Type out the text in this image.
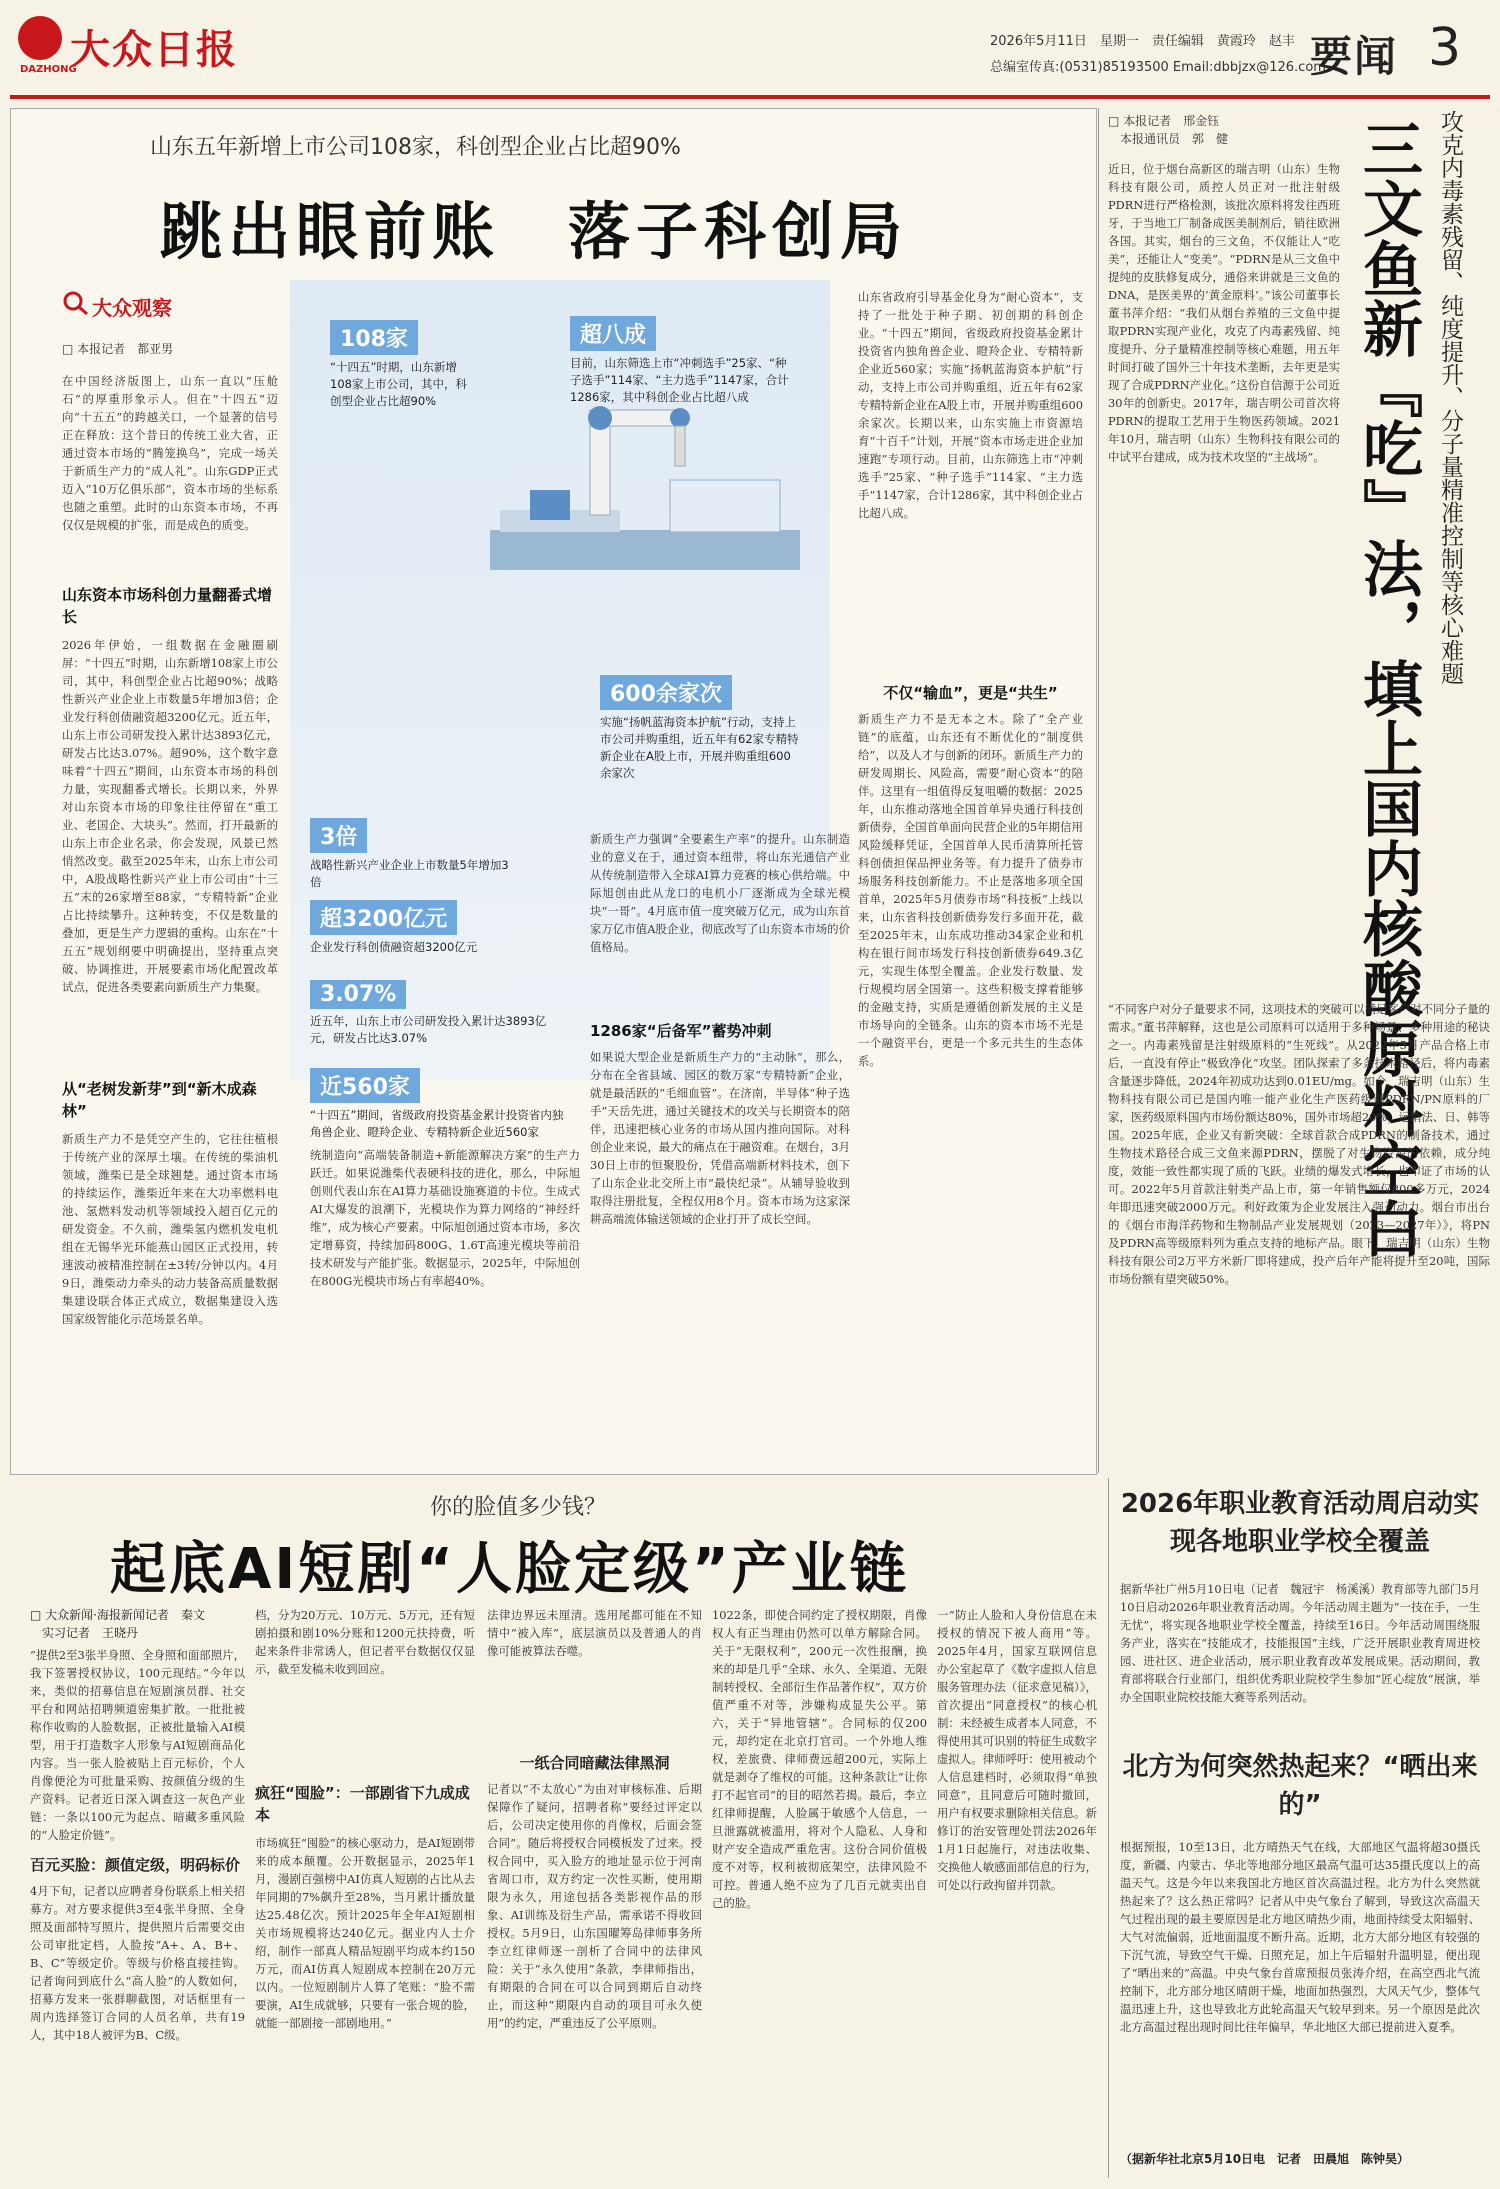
大众日报
DAZHONG
2026年5月11日　星期一　责任编辑　黄霞玲　赵丰
总编室传真:(0531)85193500 Email:dbbjzx@126.com
要闻 3
山东五年新增上市公司108家，科创型企业占比超90%
跳出眼前账　落子科创局
大众观察
□ 本报记者　都亚男
在中国经济版图上，山东一直以“压舱石”的厚重形象示人。但在“十四五”迈向“十五五”的跨越关口，一个显著的信号正在释放：这个昔日的传统工业大省，正通过资本市场的“腾笼换鸟”，完成一场关于新质生产力的“成人礼”。山东GDP正式迈入“10万亿俱乐部”，资本市场的坐标系也随之重塑。此时的山东资本市场，不再仅仅是规模的扩张，而是成色的质变。
山东资本市场科创力量翻番式增长
2026年伊始，一组数据在金融圈刷屏：“十四五”时期，山东新增108家上市公司，其中，科创型企业占比超90%；战略性新兴产业企业上市数量5年增加3倍；企业发行科创债融资超3200亿元。近五年，山东上市公司研发投入累计达3893亿元，研发占比达3.07%。超90%，这个数字意味着“十四五”期间，山东资本市场的科创力量，实现翻番式增长。长期以来，外界对山东资本市场的印象往往停留在“重工业、老国企、大块头”。然而，打开最新的山东上市企业名录，你会发现，风景已然悄然改变。截至2025年末，山东上市公司中，A股战略性新兴产业上市公司由“十三五”末的26家增至88家，“专精特新”企业占比持续攀升。这种转变，不仅是数量的叠加，更是生产力逻辑的重构。山东在“十五五”规划纲要中明确提出，坚持重点突破、协调推进，开展要素市场化配置改革试点，促进各类要素向新质生产力集聚。
从“老树发新芽”到“新木成森林”
新质生产力不是凭空产生的，它往往植根于传统产业的深厚土壤。在传统的柴油机领域，潍柴已是全球翘楚。通过资本市场的持续运作，潍柴近年来在大功率燃料电池、氢燃料发动机等领域投入超百亿元的研发资金。不久前，潍柴氢内燃机发电机组在无锡华光环能燕山园区正式投用，转速波动被精准控制在±3转/分钟以内。4月9日，潍柴动力牵头的动力装备高质量数据集建设联合体正式成立，数据集建设入选国家级智能化示范场景名单。
108家
“十四五”时期，山东新增108家上市公司，其中，科创型企业占比超90%
超八成
目前，山东筛选上市“冲刺选手”25家、“种子选手”114家、“主力选手”1147家，合计1286家，其中科创企业占比超八成
600余家次
实施“扬帆蓝海资本护航”行动，支持上市公司并购重组，近五年有62家专精特新企业在A股上市，开展并购重组600余家次
3倍
战略性新兴产业企业上市数量5年增加3倍
超3200亿元
企业发行科创债融资超3200亿元
3.07%
近五年，山东上市公司研发投入累计达3893亿元，研发占比达3.07%
近560家
“十四五”期间，省级政府投资基金累计投资省内独角兽企业、瞪羚企业、专精特新企业近560家
统制造向“高端装备制造+新能源解决方案”的生产力跃迁。如果说潍柴代表硬科技的进化，那么，中际旭创则代表山东在AI算力基础设施赛道的卡位。生成式AI大爆发的浪潮下，光模块作为算力网络的“神经纤维”，成为核心产要素。中际旭创通过资本市场，多次定增募资，持续加码800G、1.6T高速光模块等前沿技术研发与产能扩张。数据显示，2025年，中际旭创在800G光模块市场占有率超40%。
新质生产力强调“全要素生产率”的提升。山东制造业的意义在于，通过资本纽带，将山东光通信产业从传统制造带入全球AI算力竞赛的核心供给端。中际旭创由此从龙口的电机小厂逐渐成为全球光模块“一哥”。4月底市值一度突破万亿元，成为山东首家万亿市值A股企业，彻底改写了山东资本市场的价值格局。
1286家“后备军”蓄势冲刺
如果说大型企业是新质生产力的“主动脉”，那么，分布在全省县域、园区的数万家“专精特新”企业，就是最活跃的“毛细血管”。在济南，半导体“种子选手”天岳先进，通过关键技术的攻关与长期资本的陪伴，迅速把核心业务的市场从国内推向国际。对科创企业来说，最大的痛点在于融资难。在烟台，3月30日上市的恒聚股份，凭借高端新材料技术，创下了山东企业北交所上市“最快纪录”。从辅导验收到取得注册批复，全程仅用8个月。资本市场为这家深耕高端流体输送领域的企业打开了成长空间。
山东省政府引导基金化身为“耐心资本”，支持了一批处于种子期、初创期的科创企业。“十四五”期间，省级政府投资基金累计投资省内独角兽企业、瞪羚企业、专精特新企业近560家；实施“扬帆蓝海资本护航”行动，支持上市公司并购重组，近五年有62家专精特新企业在A股上市，开展并购重组600余家次。长期以来，山东实施上市资源培育“十百千”计划，开展“资本市场走进企业加速跑”专项行动。目前，山东筛选上市“冲刺选手”25家、“种子选手”114家、“主力选手”1147家，合计1286家，其中科创企业占比超八成。
不仅“输血”，更是“共生”
新质生产力不是无本之木。除了“全产业链”的底蕴，山东还有不断优化的“制度供给”，以及人才与创新的闭环。新质生产力的研发周期长、风险高，需要“耐心资本”的陪伴。这里有一组值得反复咀嚼的数据：2025年，山东推动落地全国首单异央通行科技创新债券，全国首单面向民营企业的5年期信用风险缓释凭证，全国首单人民币清算所托管科创债担保品押业务等。有力提升了债券市场服务科技创新能力。不止是落地多项全国首单，2025年5月债券市场“科技板”上线以来，山东省科技创新债券发行多面开花，截至2025年末，山东成功推动34家企业和机构在银行间市场发行科技创新债券649.3亿元，实现生体型全覆盖。企业发行数量、发行规模均居全国第一。这些积极支撑着能够的金融支持，实质是遵循创新发展的主义是市场导向的全链条。山东的资本市场不光是一个融资平台，更是一个多元共生的生态体系。
□ 本报记者　邢金钰
　本报通讯员　郭　健	攻克内毒素残留、纯度提升、分子量精准控制等核心难题
三文鱼新『吃』法，填上国内核酸原料空白
近日，位于烟台高新区的瑞吉明（山东）生物科技有限公司，质控人员正对一批注射级PDRN进行严格检测，该批次原料将发往西班牙，于当地工厂制备成医美制剂后，销往欧洲各国。其实，烟台的三文鱼，不仅能让人“吃美”，还能让人“变美”。“PDRN是从三文鱼中提纯的皮肤修复成分，通俗来讲就是三文鱼的DNA，是医美界的‘黄金原料’。”该公司董事长董书萍介绍：“我们从烟台养殖的三文鱼中提取PDRN实现产业化，攻克了内毒素残留、纯度提升、分子量精准控制等核心难题，用五年时间打破了国外三十年技术垄断，去年更是实现了合成PDRN产业化。”这份自信源于公司近30年的创新史。2017年，瑞吉明公司首次将PDRN的提取工艺用于生物医药领域。2021年10月，瑞吉明（山东）生物科技有限公司的中试平台建成，成为技术攻坚的“主战场”。
“不同客户对分子量要求不同，这项技术的突破可以满足客户对不同分子量的需求。”董书萍解释，这也是公司原料可以适用于多种场景、多种用途的秘诀之一。内毒素残留是注射级原料的“生死线”。从2022年5月产品合格上市后，一直没有停止“极致净化”攻坚。团队探索了多条技术路径后，将内毒素含量逐步降低，2024年初成功达到0.01EU/mg。如今，瑞吉明（山东）生物科技有限公司已是国内唯一能产业化生产医药级别PDRN/PN原料的厂家，医药级原料国内市场份额达80%，国外市场超20%，远销法、日、韩等国。2025年底，企业又有新突破：全球首款合成PDRN的制备技术，通过生物技术路径合成三文鱼来源PDRN，摆脱了对生物资源的依赖，成分纯度，效能一致性都实现了质的飞跃。业绩的爆发式增长，也印证了市场的认可。2022年5月首款注射类产品上市，第一年销售额仅800多万元，2024年即迅速突破2000万元。利好政策为企业发展注入强劲动力。烟台市出台的《烟台市海洋药物和生物制品产业发展规划（2023—2027年）》，将PN及PDRN高等级原料列为重点支持的地标产品。眼下，瑞吉明（山东）生物科技有限公司2万平方米新厂即将建成，投产后年产能将提升至20吨，国际市场份额有望突破50%。
你的脸值多少钱？
起底AI短剧“人脸定级”产业链
□ 大众新闻·海报新闻记者　秦文
　实习记者　王晓丹
“提供2至3张半身照、全身照和面部照片，我下签署授权协议，100元现结。”今年以来，类似的招募信息在短剧演员群、社交平台和网站招聘频道密集扩散。一批批被称作收购的人脸数据，正被批量输入AI模型，用于打造数字人形象与AI短剧商品化内容。当一张人脸被贴上百元标价，个人肖像便沦为可批量采购、按颜值分级的生产资料。记者近日深入调查这一灰色产业链：一条以100元为起点、暗藏多重风险的“人脸定价链”。
百元买脸：颜值定级，明码标价
4月下旬，记者以应聘者身份联系上相关招募方。对方要求提供3至4张半身照、全身照及面部特写照片，提供照片后需要交由公司审批定档，人脸按“A+、A、B+、B、C”等级定价。等级与价格直接挂钩。记者询问到底什么“高人脸”的人数如何，招募方发来一张群聊截图，对话框里有一周内选择签订合同的人员名单，共有19人，其中18人被评为B、C级。
档，分为20万元、10万元、5万元，还有短剧拍摄和剧10%分账和1200元扶持费，听起来条件非常诱人，但记者平台数据仅仅显示，截至发稿未收到回应。
疯狂“囤脸”：一部剧省下九成成本
市场疯狂“囤脸”的核心驱动力，是AI短剧带来的成本颠覆。公开数据显示，2025年1月，漫剧百强榜中AI仿真人短剧的占比从去年同期的7%飙升至28%，当月累计播放量达25.48亿次。预计2025年全年AI短剧相关市场规模将达240亿元。据业内人士介绍，制作一部真人精品短剧平均成本约150万元，而AI仿真人短剧成本控制在20万元以内。一位短剧制片人算了笔账：“脸不需要演，AI生成就够，只要有一张合规的脸，就能一部剧接一部剧地用。”
法律边界远未厘清。选用尾都可能在不知情中“被入库”，底层演员以及普通人的肖像可能被算法吞噬。
一纸合同暗藏法律黑洞
记者以“不太放心”为由对审核标准、后期保障作了疑问，招聘者称“要经过评定以后，公司决定使用你的肖像权，后面会签合同”。随后将授权合同模板发了过来。授权合同中，买入脸方的地址显示位于河南省周口市，双方约定一次性买断，使用期限为永久，用途包括各类影视作品的形象、AI训练及衍生产品，需承诺不得收回授权。5月9日，山东国曜筹岛律师事务所李立红律师逐一剖析了合同中的法律风险：关于“永久使用”条款，李律师指出，有期限的合同在可以合同到期后自动终止，而这种“期限内自动的项目可永久使用”的约定，严重违反了公平原则。
1022条，即使合同约定了授权期限，肖像权人有正当理由仍然可以单方解除合同。关于“无限权利”，200元一次性报酬，换来的却是几乎“全球、永久、全渠道、无限制转授权、全部衍生作品著作权”，双方价值严重不对等，涉嫌构成显失公平。第六，关于“异地管辖”。合同标的仅200元，却约定在北京打官司。一个外地人维权，差旅费、律师费远超200元，实际上就是剥夺了维权的可能。这种条款让“让你打不起官司”的目的昭然若揭。最后，李立红律师提醒，人脸属于敏感个人信息，一旦泄露就被滥用，将对个人隐私、人身和财产安全造成严重危害。这份合同价值极度不对等，权利被彻底架空，法律风险不可控。普通人绝不应为了几百元就卖出自己的脸。
一“防止人脸和人身份信息在未授权的情况下被人商用”等。2025年4月，国家互联网信息办公室起草了《数字虚拟人信息服务管理办法（征求意见稿）》，首次提出“同意授权”的核心机制：未经被生成者本人同意，不得使用其可识别的特征生成数字虚拟人。律师呼吁：使用被动个人信息建档时，必须取得“单独同意”，且同意后可随时撤回，用户有权要求删除相关信息。新修订的治安管理处罚法2026年1月1日起施行，对违法收集、交换他人敏感面部信息的行为，可处以行政拘留并罚款。
2026年职业教育活动周启动实现各地职业学校全覆盖
据新华社广州5月10日电（记者　魏冠宇　杨溪溪）教育部等九部门5月10日启动2026年职业教育活动周。今年活动周主题为“一技在手，一生无忧”，将实现各地职业学校全覆盖，持续至16日。今年活动周围绕服务产业，落实在“技能成才，技能报国”主线，广泛开展职业教育周进校园、进社区、进企业活动，展示职业教育改革发展成果。活动期间，教育部将联合行业部门，组织优秀职业院校学生参加“匠心绽放”展演，举办全国职业院校技能大赛等系列活动。
北方为何突然热起来？“晒出来的”
根据预报，10至13日，北方晴热天气在线，大部地区气温将超30摄氏度，新疆、内蒙古、华北等地部分地区最高气温可达35摄氏度以上的高温天气。这是今年以来我国北方地区首次高温过程。北方为什么突然就热起来了？这么热正常吗？记者从中央气象台了解到，导致这次高温天气过程出现的最主要原因是北方地区晴热少雨，地面持续受太阳辐射、大气对流偏弱，近地面温度不断升高。近期，北方大部分地区有较强的下沉气流，导致空气干燥、日照充足，加上午后辐射升温明显，便出现了“晒出来的”高温。中央气象台首席预报员张涛介绍，在高空西北气流控制下，北方部分地区晴朗干燥，地面加热强烈，大风天气少，整体气温迅速上升，这也导致北方此轮高温天气较早到来。另一个原因是此次北方高温过程出现时间比往年偏早，华北地区大部已提前进入夏季。
（据新华社北京5月10日电　记者　田晨旭　陈钟昊）
